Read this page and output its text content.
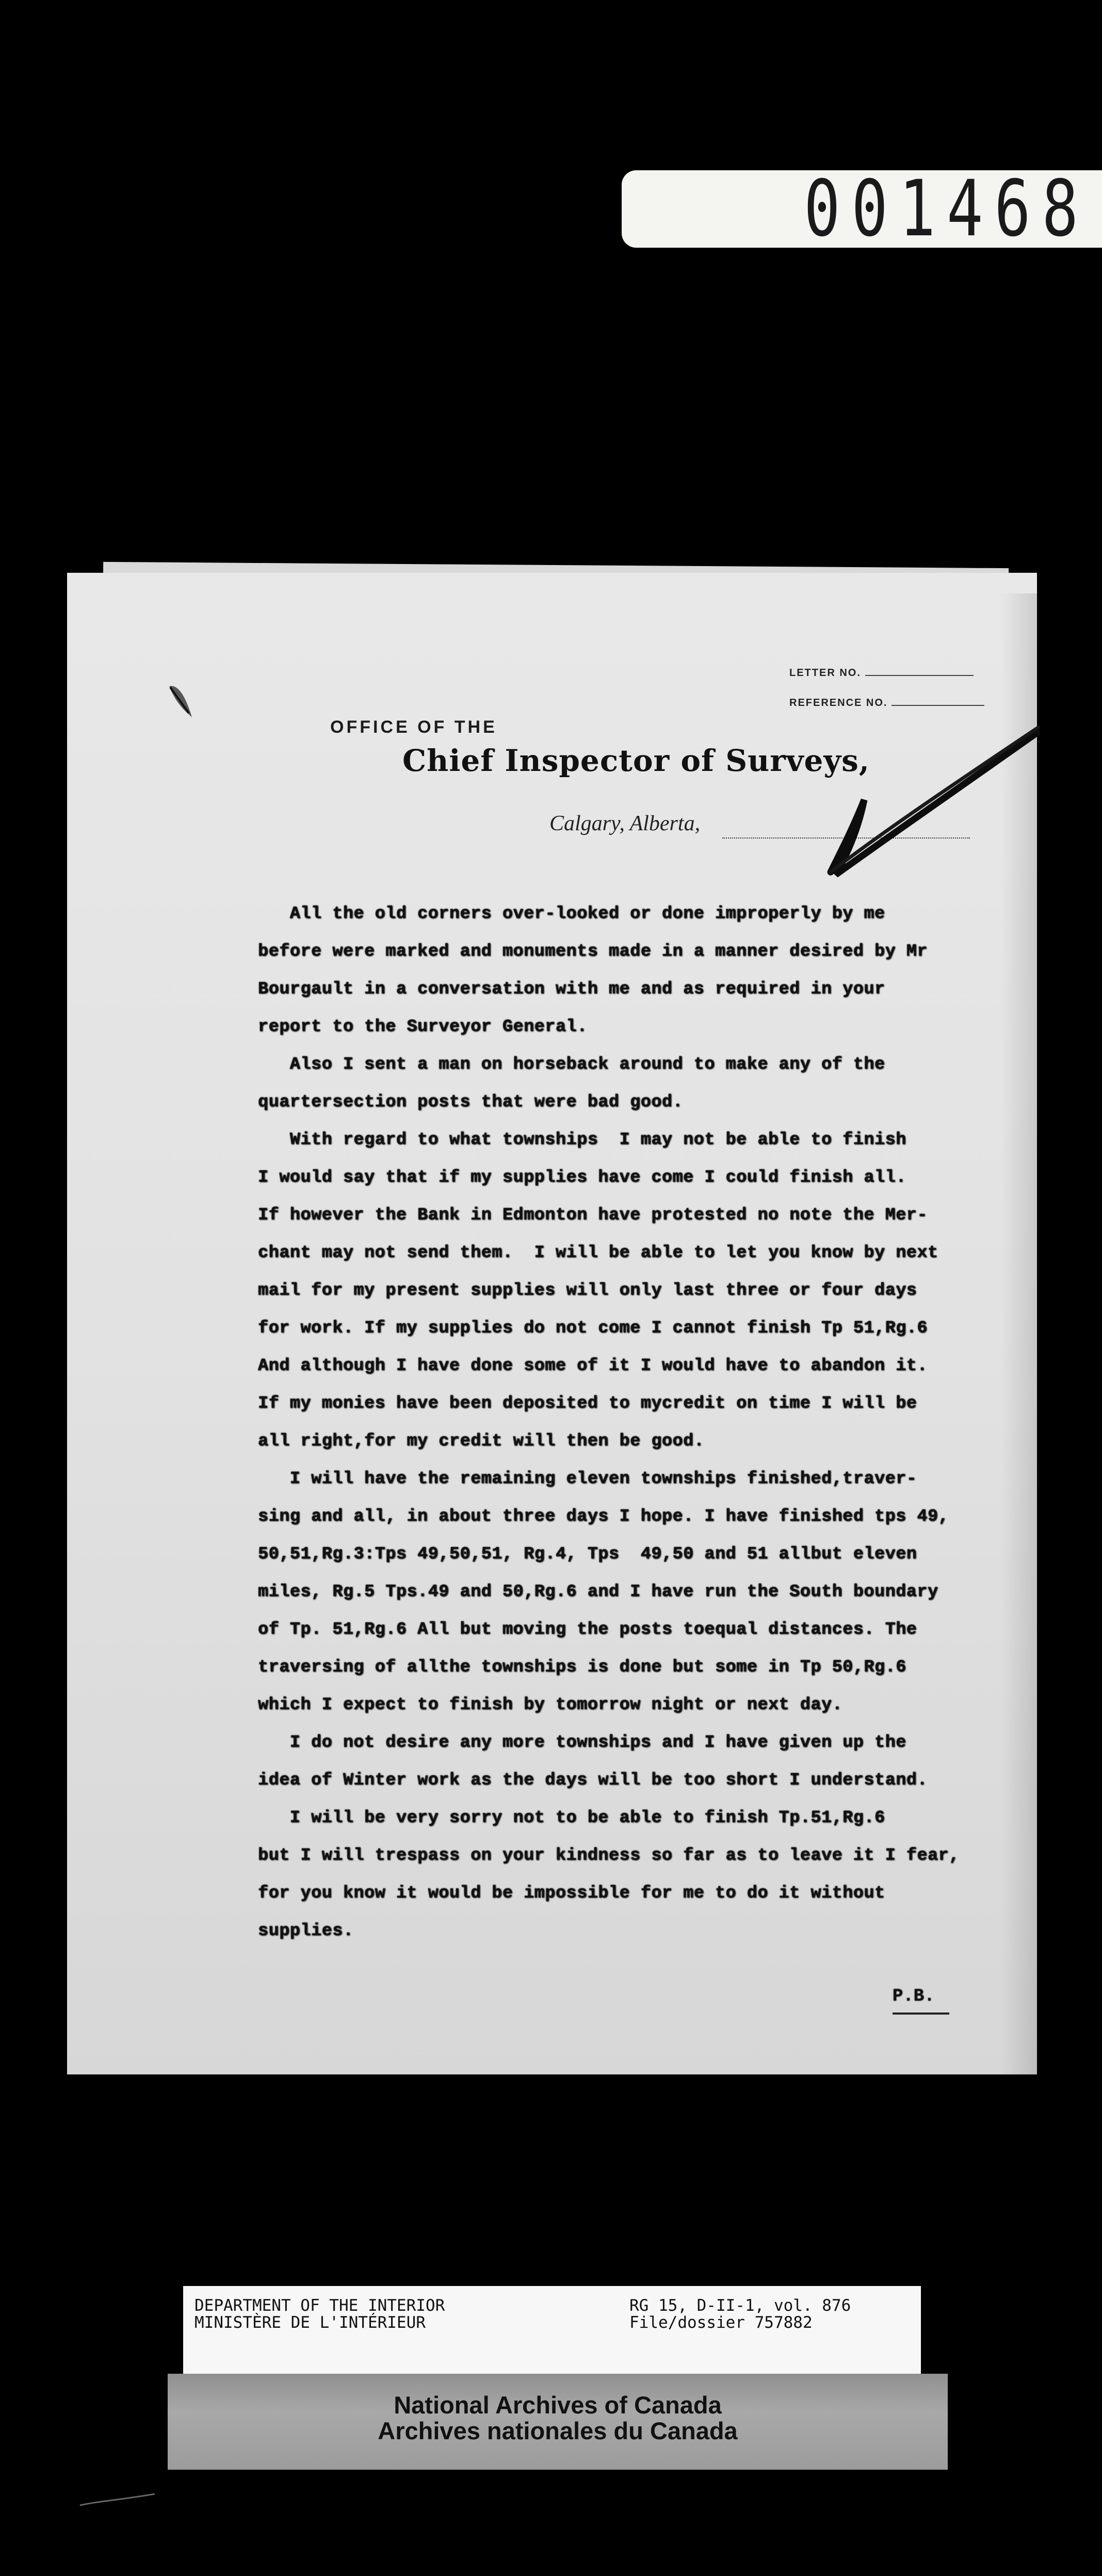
001468
LETTER NO.
REFERENCE NO.
OFFICE OF THE
Chief Inspector of Surveys,
Calgary, Alberta,

All the old corners over-looked or done improperly by me

before were marked and monuments made in a manner desired by Mr

Bourgault in a conversation with me and as required in your

report to the Surveyor General.

Also I sent a man on horseback around to make any of the

quartersection posts that were bad good.

With regard to what townships  I may not be able to finish

I would say that if my supplies have come I could finish all.

If however the Bank in Edmonton have protested no note the Mer-

chant may not send them.  I will be able to let you know by next

mail for my present supplies will only last three or four days

for work. If my supplies do not come I cannot finish Tp 51,Rg.6

And although I have done some of it I would have to abandon it.

If my monies have been deposited to mycredit on time I will be

all right,for my credit will then be good.

I will have the remaining eleven townships finished,traver-

sing and all, in about three days I hope. I have finished tps 49,

50,51,Rg.3:Tps 49,50,51, Rg.4, Tps  49,50 and 51 allbut eleven

miles, Rg.5 Tps.49 and 50,Rg.6 and I have run the South boundary

of Tp. 51,Rg.6 All but moving the posts toequal distances. The

traversing of allthe townships is done but some in Tp 50,Rg.6

which I expect to finish by tomorrow night or next day.

I do not desire any more townships and I have given up the

idea of Winter work as the days will be too short I understand.

I will be very sorry not to be able to finish Tp.51,Rg.6

but I will trespass on your kindness so far as to leave it I fear,

for you know it would be impossible for me to do it without

supplies.

P.B.
DEPARTMENT OF THE INTERIOR
MINISTÈRE DE L'INTÉRIEUR
RG 15, D-II-1, vol. 876
File/dossier 757882
National Archives of Canada
Archives nationales du Canada
